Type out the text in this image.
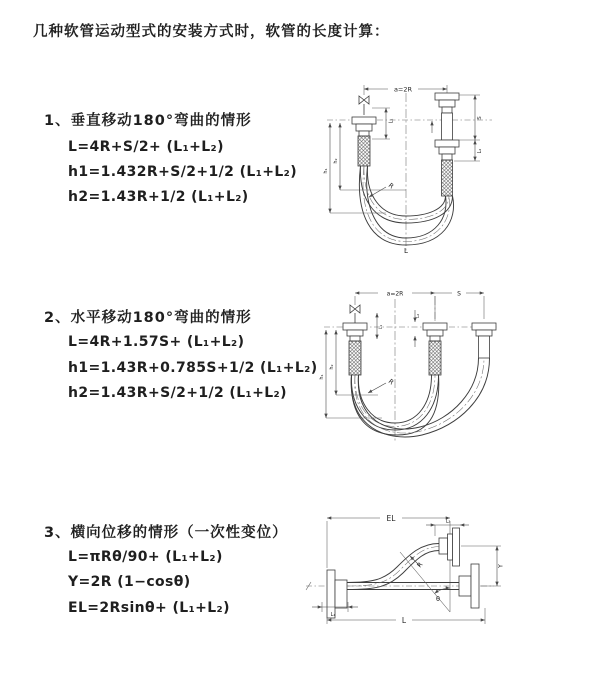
几种软管运动型式的安装方式时，软管的长度计算：
1、垂直移动180°弯曲的情形
L=4R+S/2+ (L₁+L₂)
h1=1.432R+S/2+1/2 (L₁+L₂)
h2=1.43R+1/2 (L₁+L₂)
2、水平移动180°弯曲的情形
L=4R+1.57S+ (L₁+L₂)
h1=1.43R+0.785S+1/2 (L₁+L₂)
h2=1.43R+S/2+1/2 (L₁+L₂)
3、横向位移的情形（一次性变位）
L=πRθ/90+ (L₁+L₂)
Y=2R (1−cosθ)
EL=2Rsinθ+ (L₁+L₂)
a=2R
L₁
S
L₂
h₁
h₂
R
L
a=2R	S
L₁
L₂
h₁
h₂
R
EL	L₂
θ
R	Y
L₁
L
